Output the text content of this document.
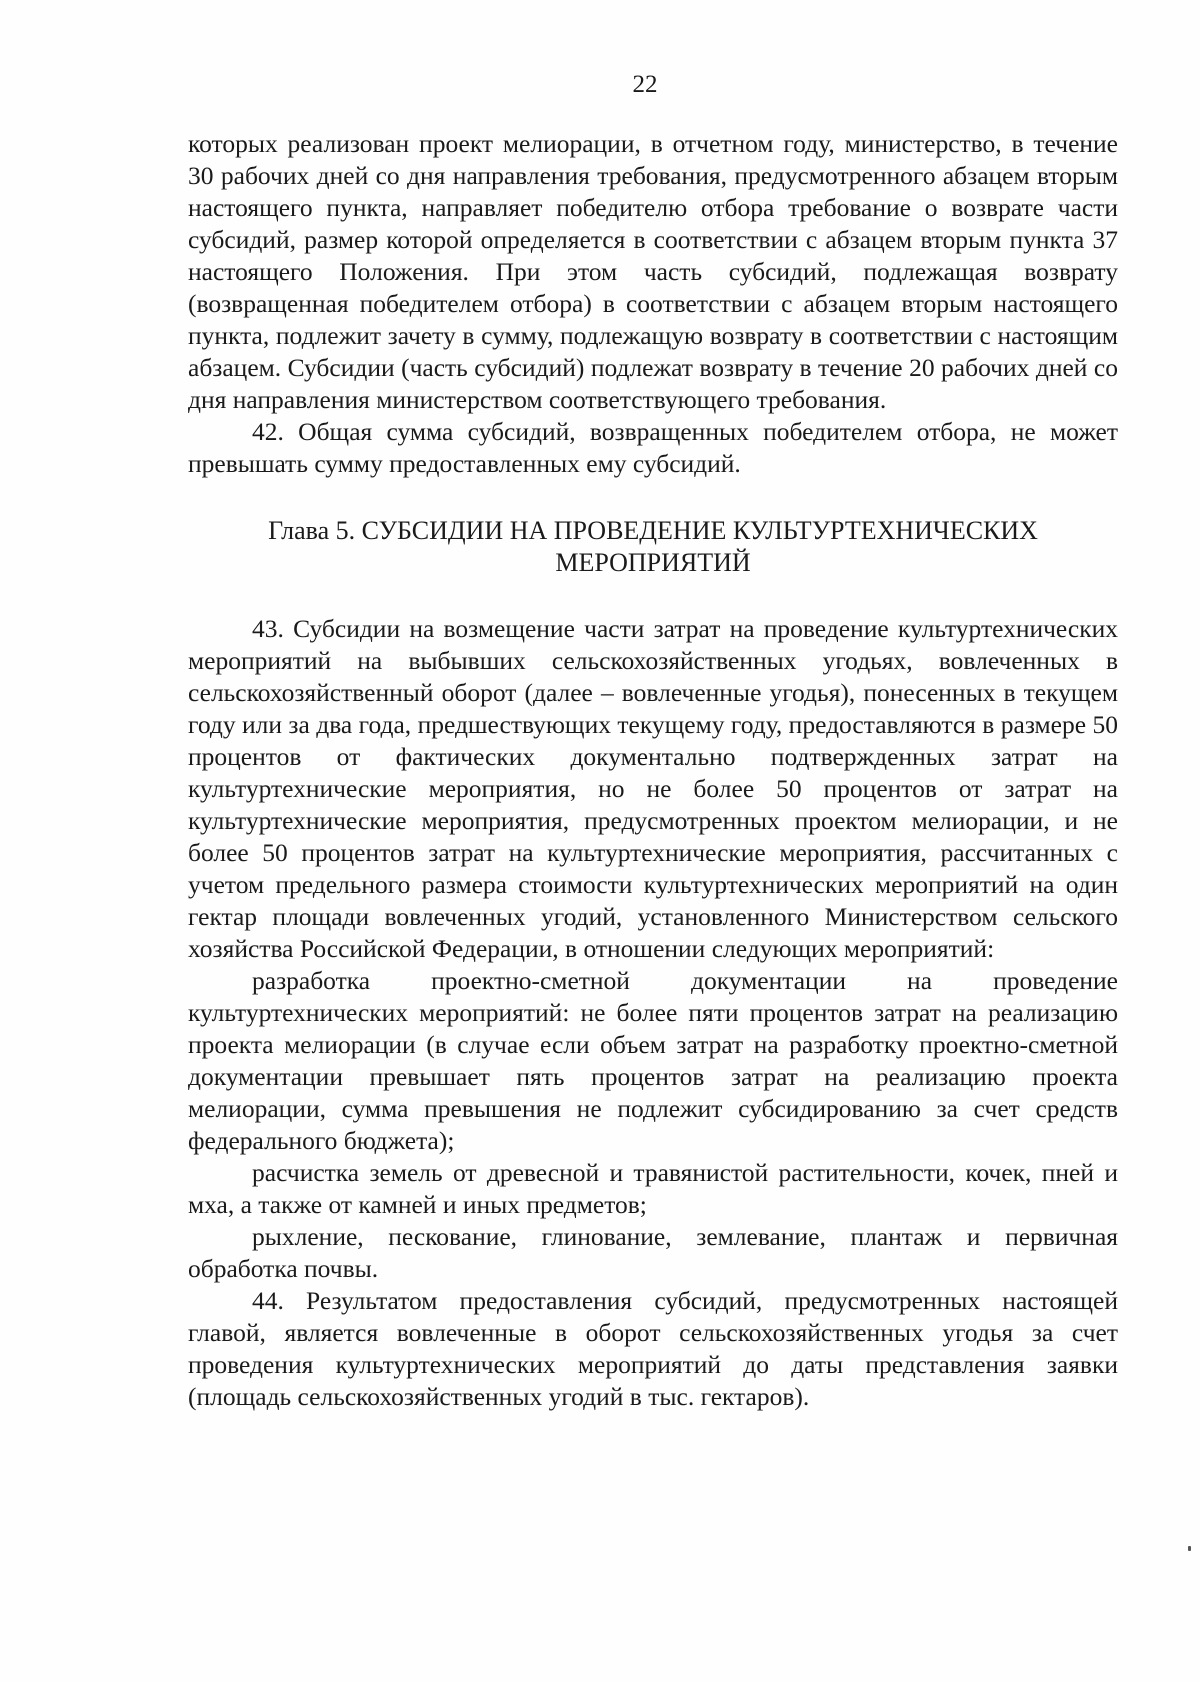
22

которых реализован проект мелиорации, в отчетном году, министерство, в течение 30 рабочих дней со дня направления требования, предусмотренного абзацем вторым настоящего пункта, направляет победителю отбора требование о возврате части субсидий, размер которой определяется в соответствии с абзацем вторым пункта 37 настоящего Положения. При этом часть субсидий, подлежащая возврату (возвращенная победителем отбора) в соответствии с абзацем вторым настоящего пункта, подлежит зачету в сумму, подлежащую возврату в соответствии с настоящим абзацем. Субсидии (часть субсидий) подлежат возврату в течение 20 рабочих дней со дня направления министерством соответствующего требования.

42. Общая сумма субсидий, возвращенных победителем отбора, не может превышать сумму предоставленных ему субсидий.

Глава 5. СУБСИДИИ НА ПРОВЕДЕНИЕ КУЛЬТУРТЕХНИЧЕСКИХ МЕРОПРИЯТИЙ

43. Субсидии на возмещение части затрат на проведение культуртехнических мероприятий на выбывших сельскохозяйственных угодьях, вовлеченных в сельскохозяйственный оборот (далее – вовлеченные угодья), понесенных в текущем году или за два года, предшествующих текущему году, предоставляются в размере 50 процентов от фактических документально подтвержденных затрат на культуртехнические мероприятия, но не более 50 процентов от затрат на культуртехнические мероприятия, предусмотренных проектом мелиорации, и не более 50 процентов затрат на культуртехнические мероприятия, рассчитанных с учетом предельного размера стоимости культуртехнических мероприятий на один гектар площади вовлеченных угодий, установленного Министерством сельского хозяйства Российской Федерации, в отношении следующих мероприятий:

разработка проектно-сметной документации на проведение культуртехнических мероприятий: не более пяти процентов затрат на реализацию проекта мелиорации (в случае если объем затрат на разработку проектно-сметной документации превышает пять процентов затрат на реализацию проекта мелиорации, сумма превышения не подлежит субсидированию за счет средств федерального бюджета);

расчистка земель от древесной и травянистой растительности, кочек, пней и мха, а также от камней и иных предметов;

рыхление, пескование, глинование, землевание, плантаж и первичная обработка почвы.

44. Результатом предоставления субсидий, предусмотренных настоящей главой, является вовлеченные в оборот сельскохозяйственных угодья за счет проведения культуртехнических мероприятий до даты представления заявки (площадь сельскохозяйственных угодий в тыс. гектаров).
